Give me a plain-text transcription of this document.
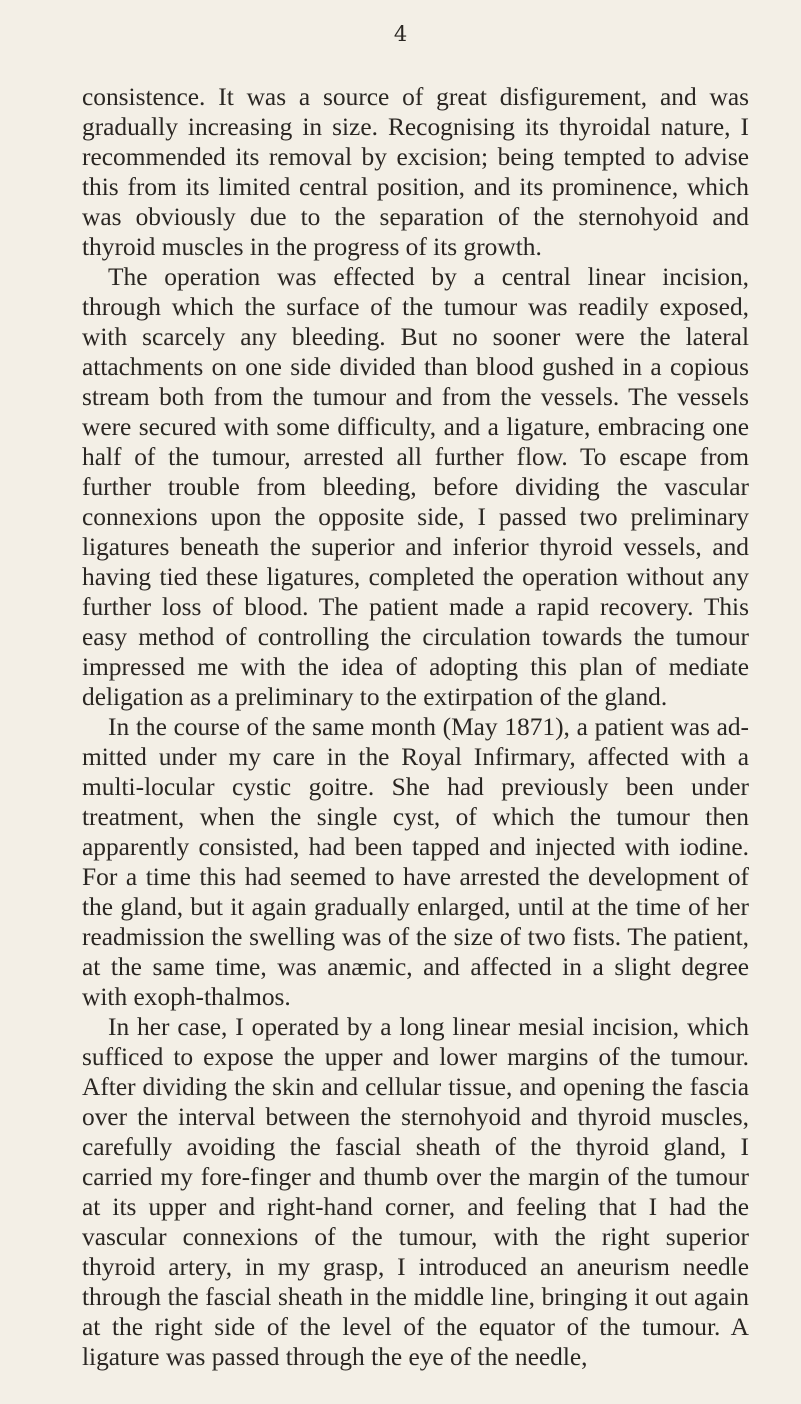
4

consistence. It was a source of great disfigurement, and was gradually increasing in size. Recognising its thyroidal nature, I recommended its removal by excision; being tempted to advise this from its limited central position, and its prominence, which was obviously due to the separation of the sternohyoid and thyroid muscles in the progress of its growth.

The operation was effected by a central linear incision, through which the surface of the tumour was readily exposed, with scarcely any bleeding. But no sooner were the lateral attachments on one side divided than blood gushed in a copious stream both from the tumour and from the vessels. The vessels were secured with some difficulty, and a ligature, embracing one half of the tumour, arrested all further flow. To escape from further trouble from bleeding, before dividing the vascular connexions upon the opposite side, I passed two preliminary ligatures beneath the superior and inferior thyroid vessels, and having tied these ligatures, completed the operation without any further loss of blood. The patient made a rapid recovery. This easy method of controlling the circulation towards the tumour impressed me with the idea of adopting this plan of mediate deligation as a preliminary to the extirpation of the gland.

In the course of the same month (May 1871), a patient was ad-mitted under my care in the Royal Infirmary, affected with a multi-locular cystic goitre. She had previously been under treatment, when the single cyst, of which the tumour then apparently consisted, had been tapped and injected with iodine. For a time this had seemed to have arrested the development of the gland, but it again gradually enlarged, until at the time of her readmission the swelling was of the size of two fists. The patient, at the same time, was anæmic, and affected in a slight degree with exoph-thalmos.

In her case, I operated by a long linear mesial incision, which sufficed to expose the upper and lower margins of the tumour. After dividing the skin and cellular tissue, and opening the fascia over the interval between the sternohyoid and thyroid muscles, carefully avoiding the fascial sheath of the thyroid gland, I carried my fore-finger and thumb over the margin of the tumour at its upper and right-hand corner, and feeling that I had the vascular connexions of the tumour, with the right superior thyroid artery, in my grasp, I introduced an aneurism needle through the fascial sheath in the middle line, bringing it out again at the right side of the level of the equator of the tumour. A ligature was passed through the eye of the needle,
